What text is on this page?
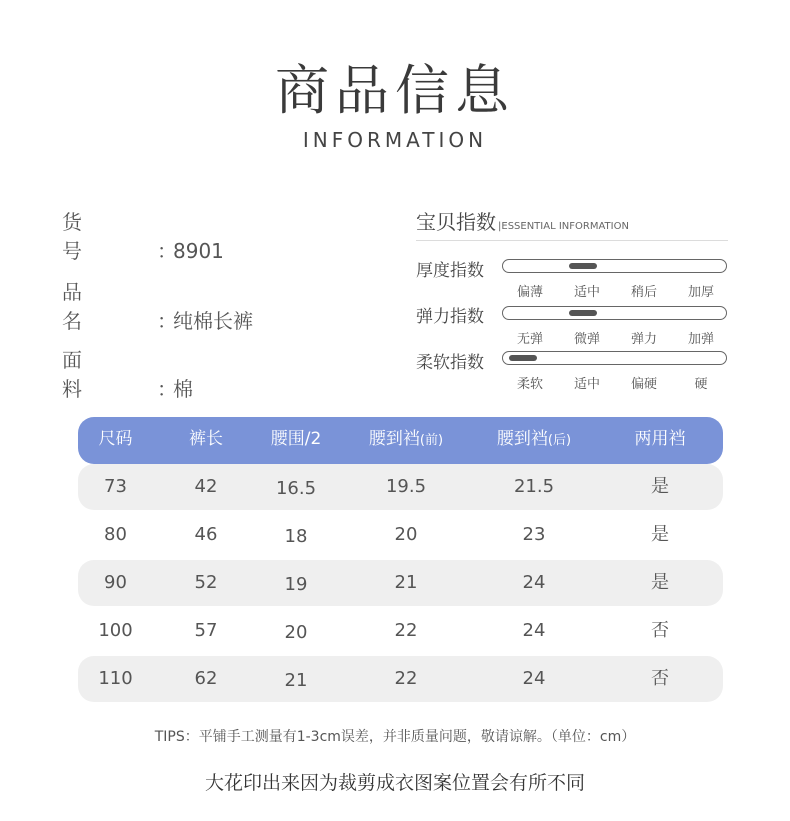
商品信息
INFORMATION
货号 ：8901
品名 ：纯棉长裤
面料 ：棉
宝贝指数 |ESSENTIAL INFORMATION
厚度指数
偏薄	适中	稍后	加厚
弹力指数
无弹	微弹	弹力	加弹
柔软指数
柔软	适中	偏硬	硬
尺码	裤长	腰围/2	腰到裆(前)	腰到裆(后)	两用裆
73	42	16.5	19.5	21.5	是
80	46	18	20	23	是
90	52	19	21	24	是
100	57	20	22	24	否
110	62	21	22	24	否
TIPS：平铺手工测量有1-3cm误差，并非质量问题，敬请谅解。（单位：cm）
大花印出来因为裁剪成衣图案位置会有所不同
